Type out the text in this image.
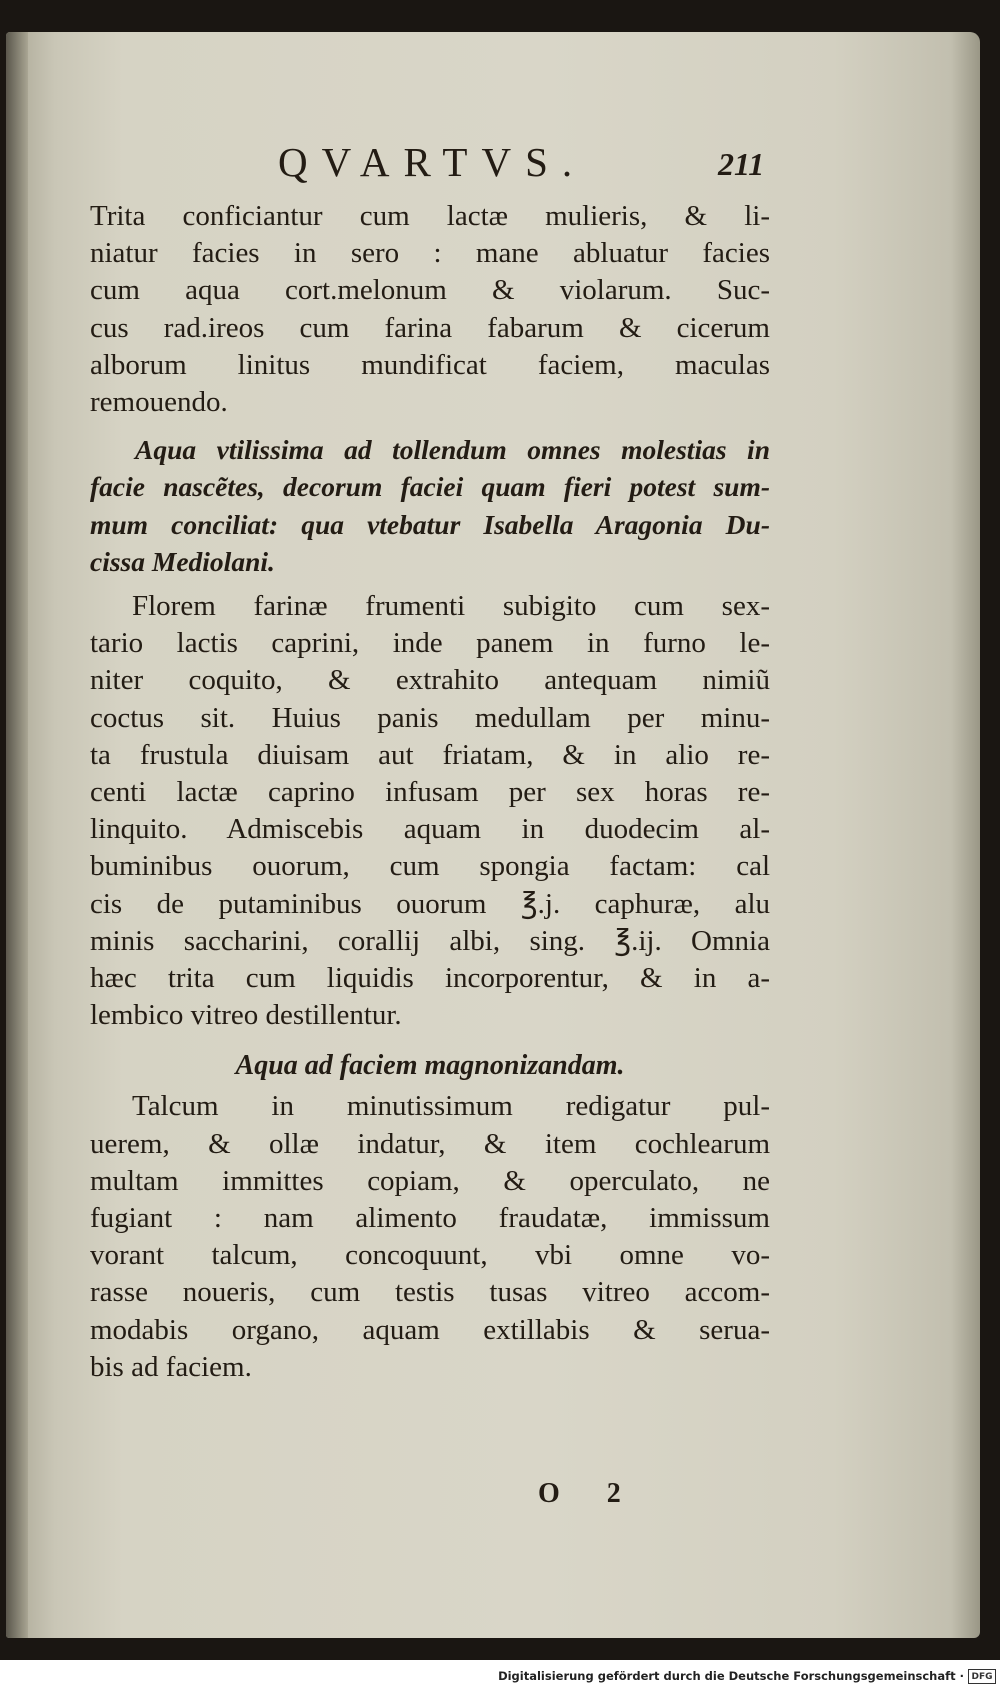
QVARTVS.	211
Trita conficiantur cum lactæ mulieris, & li-
niatur facies in sero : mane abluatur facies
cum aqua cort.melonum & violarum. Suc-
cus rad.ireos cum farina fabarum & cicerum
alborum linitus mundificat faciem, maculas
remouendo.
Aqua vtilissima ad tollendum omnes molestias in
facie nascẽtes, decorum faciei quam fieri potest sum-
mum conciliat: qua vtebatur Isabella Aragonia Du-
cissa Mediolani.
Florem farinæ frumenti subigito cum sex-
tario lactis caprini, inde panem in furno le-
niter coquito, & extrahito antequam nimiũ
coctus sit. Huius panis medullam per minu-
ta frustula diuisam aut friatam, & in alio re-
centi lactæ caprino infusam per sex horas re-
linquito. Admiscebis aquam in duodecim al-
buminibus ouorum, cum spongia factam: cal
cis de putaminibus ouorum ℥.j. caphuræ, alu
minis saccharini, corallij albi, sing. ℥.ij. Omnia
hæc trita cum liquidis incorporentur, & in a-
lembico vitreo destillentur.
Aqua ad faciem magnonizandam.
Talcum in minutissimum redigatur pul-
uerem, & ollæ indatur, & item cochlearum
multam immittes copiam, & operculato, ne
fugiant : nam alimento fraudatæ, immissum
vorant talcum, concoquunt, vbi omne vo-
rasse noueris, cum testis tusas vitreo accom-
modabis organo, aquam extillabis & serua-
bis ad faciem.
O 2
Digitalisierung gefördert durch die Deutsche Forschungsgemeinschaft · DFG
